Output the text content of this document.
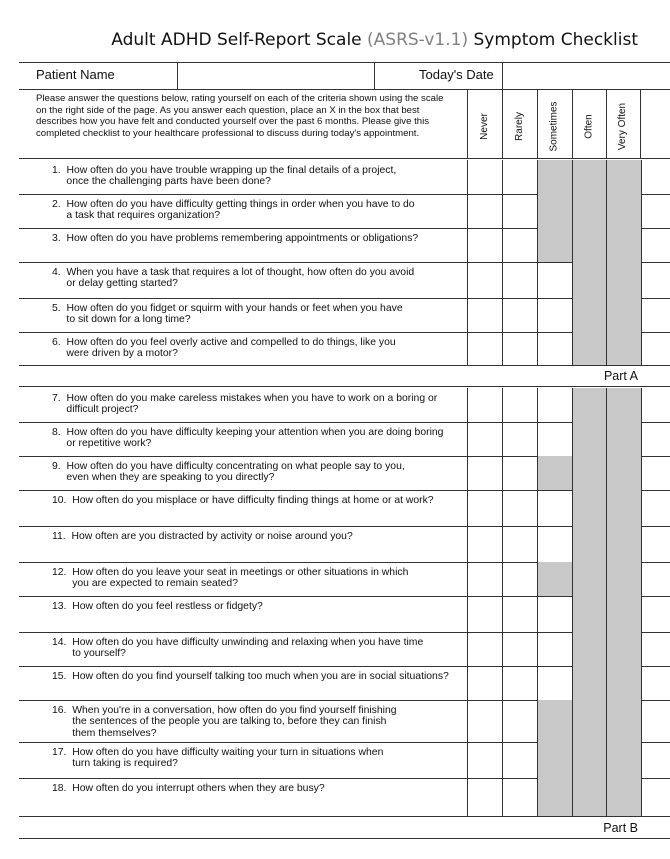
Adult ADHD Self-Report Scale (ASRS-v1.1) Symptom Checklist
Patient Name	Today's Date
Please answer the questions below, rating yourself on each of the criteria shown using the scale on the right side of the page. As you answer each question, place an X in the box that best describes how you have felt and conducted yourself over the past 6 months. Please give this completed checklist to your healthcare professional to discuss during today's appointment.	Never Rarely Sometimes Often Very Often
1.  How often do you have trouble wrapping up the final details of a project,
once the challenging parts have been done?
2.  How often do you have difficulty getting things in order when you have to do
a task that requires organization?
3.  How often do you have problems remembering appointments or obligations?
4.  When you have a task that requires a lot of thought, how often do you avoid
or delay getting started?
5.  How often do you fidget or squirm with your hands or feet when you have
to sit down for a long time?
6.  How often do you feel overly active and compelled to do things, like you
were driven by a motor?
7.  How often do you make careless mistakes when you have to work on a boring or
difficult project?
8.  How often do you have difficulty keeping your attention when you are doing boring
or repetitive work?
9.  How often do you have difficulty concentrating on what people say to you,
even when they are speaking to you directly?
10.  How often do you misplace or have difficulty finding things at home or at work?
11.  How often are you distracted by activity or noise around you?
12.  How often do you leave your seat in meetings or other situations in which
you are expected to remain seated?
13.  How often do you feel restless or fidgety?
14.  How often do you have difficulty unwinding and relaxing when you have time
to yourself?
15.  How often do you find yourself talking too much when you are in social situations?
16.  When you're in a conversation, how often do you find yourself finishing
the sentences of the people you are talking to, before they can finish
them themselves?
17.  How often do you have difficulty waiting your turn in situations when
turn taking is required?
18.  How often do you interrupt others when they are busy?
Part A
Part B
